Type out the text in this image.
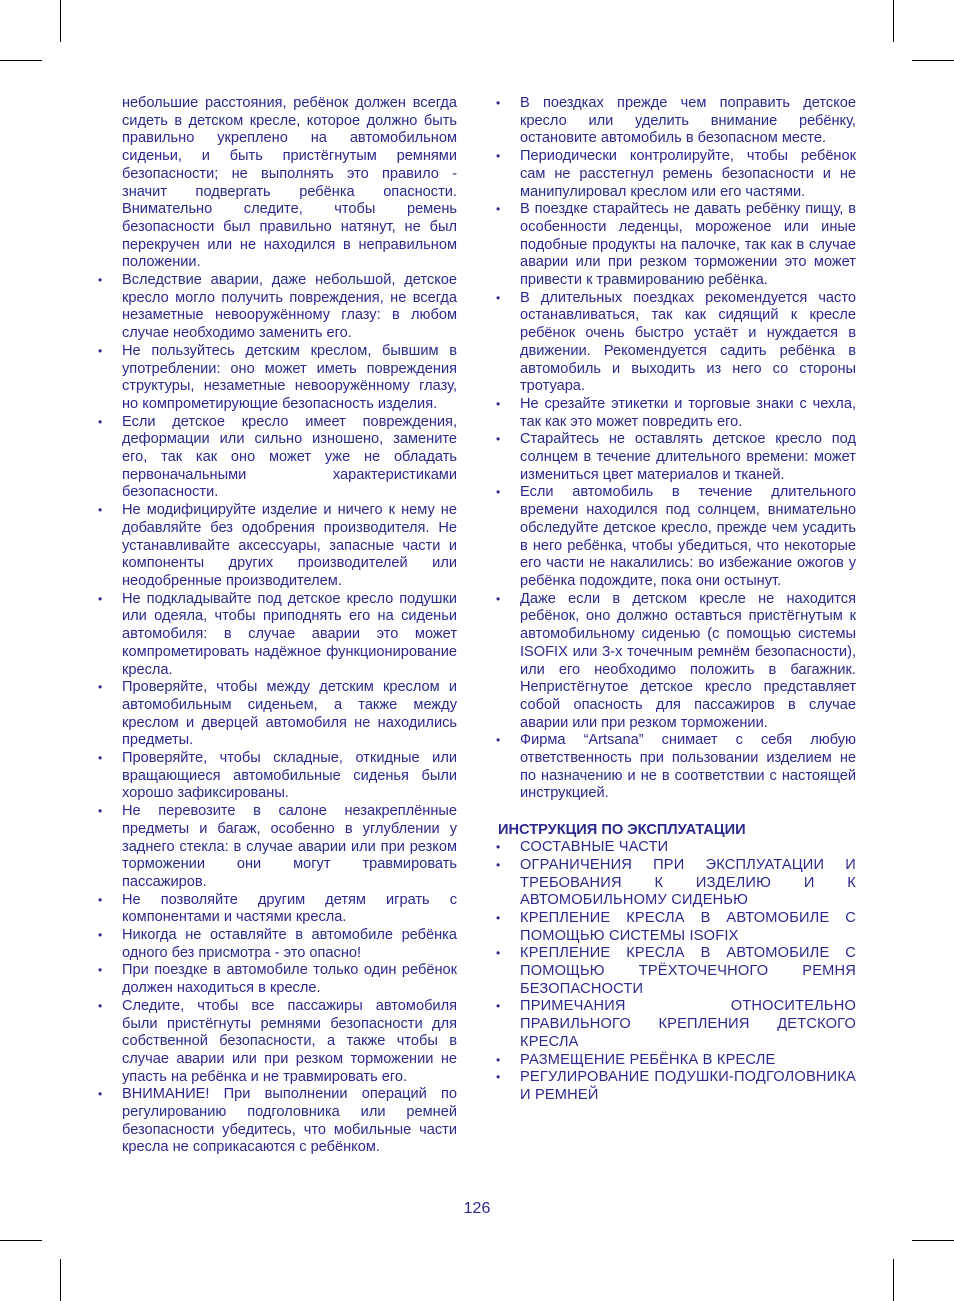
небольшие расстояния, ребёнок должен всегда сидеть в детском кресле, которое должно быть правильно укреплено на автомобильном сиденьи, и быть пристёгнутым ремнями безопасности; не выполнять это правило - значит подвергать ребёнка опасности. Внимательно следите, чтобы ремень безопасности был правильно натянут, не был перекручен или не находился в неправильном положении.

• Вследствие аварии, даже небольшой, детское кресло могло получить повреждения, не всегда незаметные невооружённому глазу: в любом случае необходимо заменить его.
• Не пользуйтесь детским креслом, бывшим в употреблении: оно может иметь повреждения структуры, незаметные невооружённому глазу, но компрометирующие безопасность изделия.
• Если детское кресло имеет повреждения, деформации или сильно изношено, замените его, так как оно может уже не обладать первоначальными характеристиками безопасности.
• Не модифицируйте изделие и ничего к нему не добавляйте без одобрения производителя. Не устанавливайте аксессуары, запасные части и компоненты других производителей или неодобренные производителем.
• Не подкладывайте под детское кресло подушки или одеяла, чтобы приподнять его на сиденьи автомобиля: в случае аварии это может компрометировать надёжное функционирование кресла.
• Проверяйте, чтобы между детским креслом и автомобильным сиденьем, а также между креслом и дверцей автомобиля не находились предметы.
• Проверяйте, чтобы складные, откидные или вращающиеся автомобильные сиденья были хорошо зафиксированы.
• Не перевозите в салоне незакреплённые предметы и багаж, особенно в углублении у заднего стекла: в случае аварии или при резком торможении они могут травмировать пассажиров.
• Не позволяйте другим детям играть с компонентами и частями кресла.
• Никогда не оставляйте в автомобиле ребёнка одного без присмотра - это опасно!
• При поездке в автомобиле только один ребёнок должен находиться в кресле.
• Следите, чтобы все пассажиры автомобиля были пристёгнуты ремнями безопасности для собственной безопасности, а также чтобы в случае аварии или при резком торможении не упасть на ребёнка и не травмировать его.
• ВНИМАНИЕ! При выполнении операций по регулированию подголовника или ремней безопасности убедитесь, что мобильные части кресла не соприкасаются с ребёнком.
• В поездках прежде чем поправить детское кресло или уделить внимание ребёнку, остановите автомобиль в безопасном месте.
• Периодически контролируйте, чтобы ребёнок сам не расстегнул ремень безопасности и не манипулировал креслом или его частями.
• В поездке старайтесь не давать ребёнку пищу, в особенности леденцы, мороженое или иные подобные продукты на палочке, так как в случае аварии или при резком торможении это может привести к травмированию ребёнка.
• В длительных поездках рекомендуется часто останавливаться, так как сидящий к кресле ребёнок очень быстро устаёт и нуждается в движении. Рекомендуется садить ребёнка в автомобиль и выходить из него со стороны тротуара.
• Не срезайте этикетки и торговые знаки с чехла, так как это может повредить его.
• Старайтесь не оставлять детское кресло под солнцем в течение длительного времени: может измениться цвет материалов и тканей.
• Если автомобиль в течение длительного времени находился под солнцем, внимательно обследуйте детское кресло, прежде чем усадить в него ребёнка, чтобы убедиться, что некоторые его части не накалились: во избежание ожогов у ребёнка подождите, пока они остынут.
• Даже если в детском кресле не находится ребёнок, оно должно оставться пристёгнутым к автомобильному сиденью (с помощью системы ISOFIX или 3-х точечным ремнём безопасности), или его необходимо положить в багажник. Непристёгнутое детское кресло представляет собой опасность для пассажиров в случае аварии или при резком торможении.
• Фирма “Artsana” снимает с себя любую ответственность при пользовании изделием не по назначению и не в соответствии с настоящей инструкцией.
ИНСТРУКЦИЯ ПО ЭКСПЛУАТАЦИИ
• СОСТАВНЫЕ ЧАСТИ
• ОГРАНИЧЕНИЯ ПРИ ЭКСПЛУАТАЦИИ И ТРЕБОВАНИЯ К ИЗДЕЛИЮ И К АВТОМОБИЛЬНОМУ СИДЕНЬЮ
• КРЕПЛЕНИЕ КРЕСЛА В АВТОМОБИЛЕ С ПОМОЩЬЮ СИСТЕМЫ ISOFIX
• КРЕПЛЕНИЕ КРЕСЛА В АВТОМОБИЛЕ С ПОМОЩЬЮ ТРЁХТОЧЕЧНОГО РЕМНЯ БЕЗОПАСНОСТИ
• ПРИМЕЧАНИЯ ОТНОСИТЕЛЬНО ПРАВИЛЬНОГО КРЕПЛЕНИЯ ДЕТСКОГО КРЕСЛА
• РАЗМЕЩЕНИЕ РЕБЁНКА В КРЕСЛЕ
• РЕГУЛИРОВАНИЕ ПОДУШКИ-ПОДГОЛОВНИКА И РЕМНЕЙ
126
